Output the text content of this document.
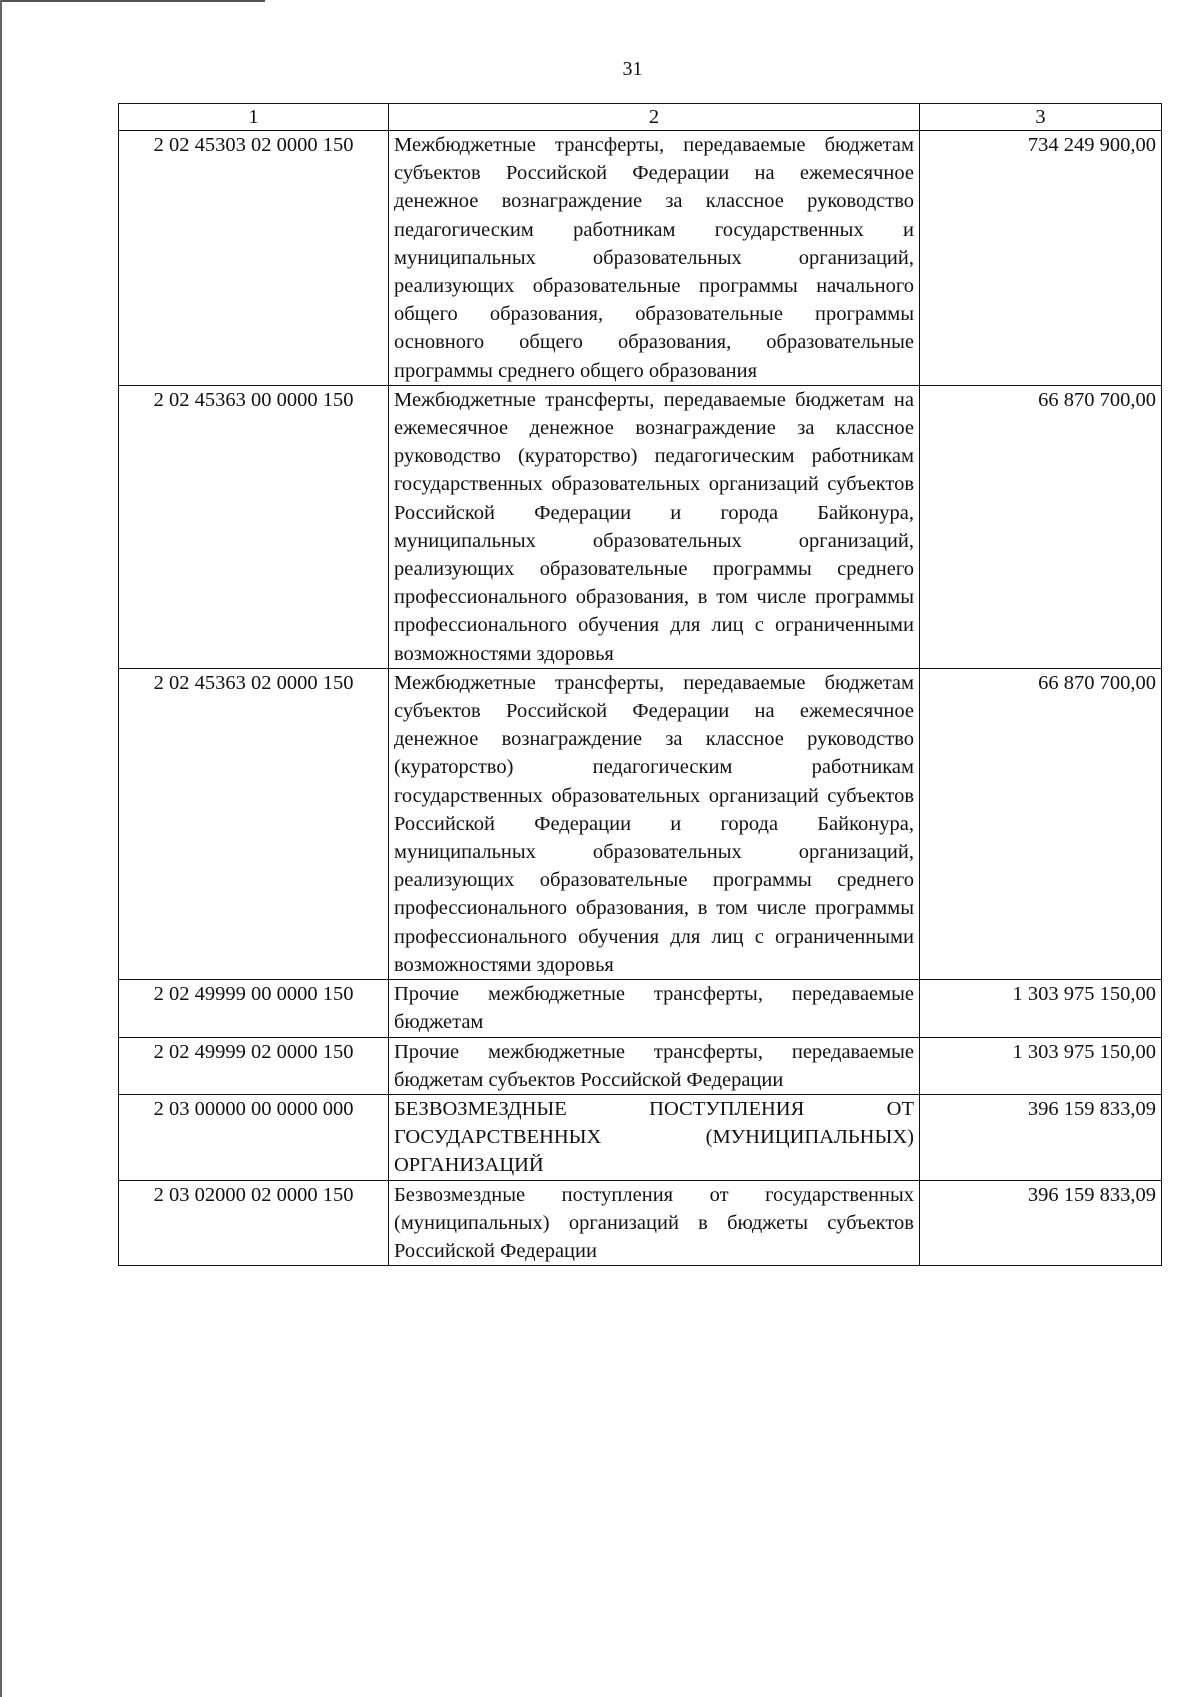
31
1	2	3
2 02 45303 02 0000 150	Межбюджетные трансферты, передаваемые бюджетам субъектов Российской Федерации на ежемесячное денежное вознаграждение за классное руководство педагогическим работникам государственных и муниципальных образовательных организаций, реализующих образовательные программы начального общего образования, образовательные программы основного общего образования, образовательные программы среднего общего образования	734 249 900,00
2 02 45363 00 0000 150	Межбюджетные трансферты, передаваемые бюджетам на ежемесячное денежное вознаграждение за классное руководство (кураторство) педагогическим работникам государственных образовательных организаций субъектов Российской Федерации и города Байконура, муниципальных образовательных организаций, реализующих образовательные программы среднего профессионального образования, в том числе программы профессионального обучения для лиц с ограниченными возможностями здоровья	66 870 700,00
2 02 45363 02 0000 150	Межбюджетные трансферты, передаваемые бюджетам субъектов Российской Федерации на ежемесячное денежное вознаграждение за классное руководство (кураторство) педагогическим работникам государственных образовательных организаций субъектов Российской Федерации и города Байконура, муниципальных образовательных организаций, реализующих образовательные программы среднего профессионального образования, в том числе программы профессионального обучения для лиц с ограниченными возможностями здоровья	66 870 700,00
2 02 49999 00 0000 150	Прочие межбюджетные трансферты, передаваемые бюджетам	1 303 975 150,00
2 02 49999 02 0000 150	Прочие межбюджетные трансферты, передаваемые бюджетам субъектов Российской Федерации	1 303 975 150,00
2 03 00000 00 0000 000	БЕЗВОЗМЕЗДНЫЕ ПОСТУПЛЕНИЯ ОТ ГОСУДАРСТВЕННЫХ (МУНИЦИПАЛЬНЫХ) ОРГАНИЗАЦИЙ	396 159 833,09
2 03 02000 02 0000 150	Безвозмездные поступления от государственных (муниципальных) организаций в бюджеты субъектов Российской Федерации	396 159 833,09
